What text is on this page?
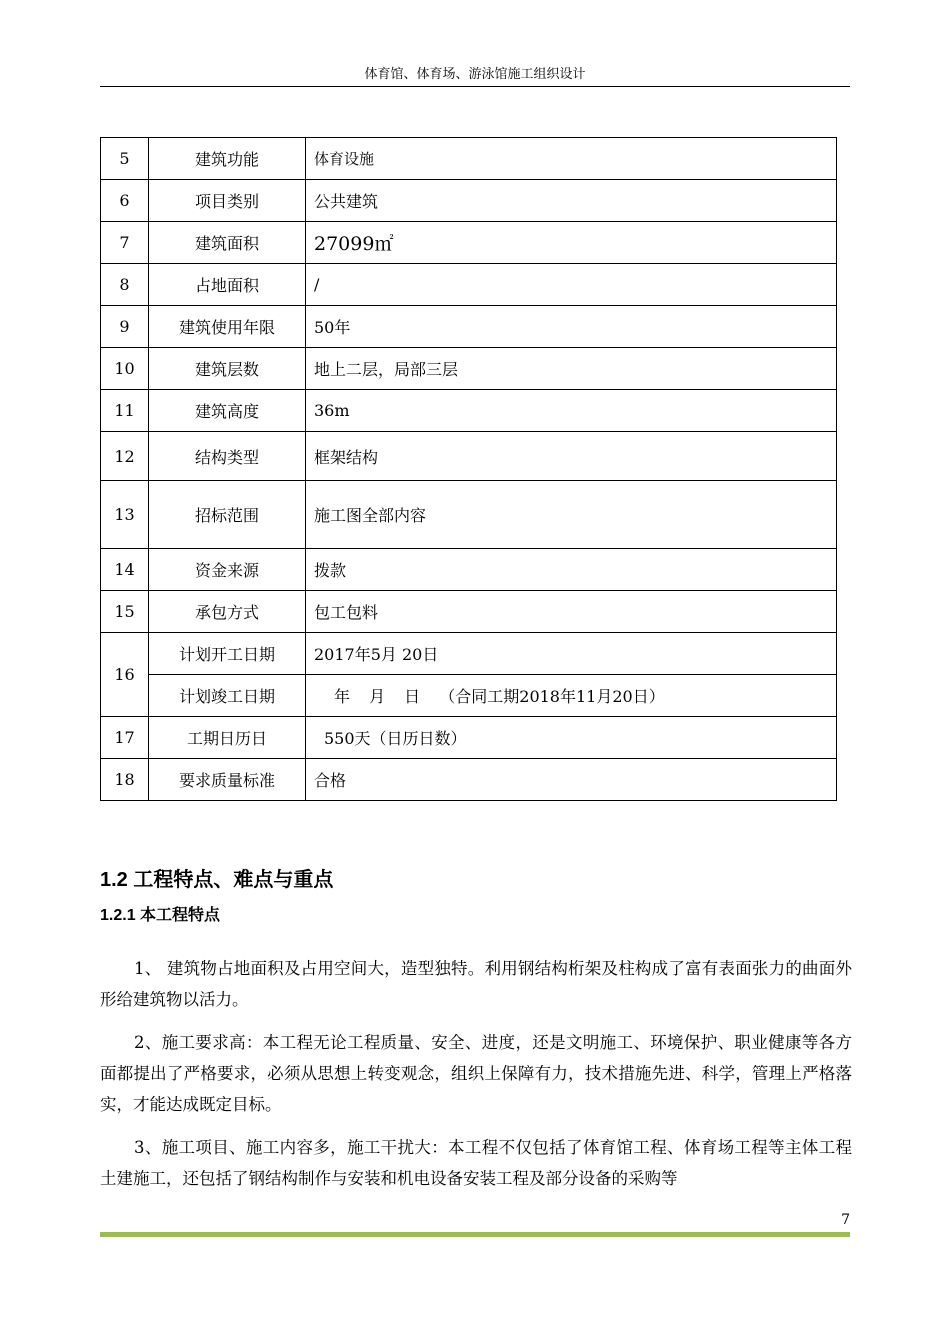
体育馆、体育场、游泳馆施工组织设计
5	建筑功能	体育设施
6	项目类别	公共建筑
7	建筑面积	27099㎡
8	占地面积	/
9	建筑使用年限	50年
10	建筑层数	地上二层，局部三层
11	建筑高度	36m
12	结构类型	框架结构
13	招标范围	施工图全部内容
14	资金来源	拨款
15	承包方式	包工包料
16	计划开工日期	2017年5月 20日
	计划竣工日期	年 月 日 （合同工期2018年11月20日）
17	工期日历日	550天（日历日数）
18	要求质量标准	合格
1.2 工程特点、难点与重点
1.2.1 本工程特点

1、 建筑物占地面积及占用空间大，造型独特。利用钢结构桁架及柱构成了富有表面张力的曲面外形给建筑物以活力。

2、施工要求高：本工程无论工程质量、安全、进度，还是文明施工、环境保护、职业健康等各方面都提出了严格要求，必须从思想上转变观念，组织上保障有力，技术措施先进、科学，管理上严格落实，才能达成既定目标。

3、施工项目、施工内容多，施工干扰大：本工程不仅包括了体育馆工程、体育场工程等主体工程土建施工，还包括了钢结构制作与安装和机电设备安装工程及部分设备的采购等

7
